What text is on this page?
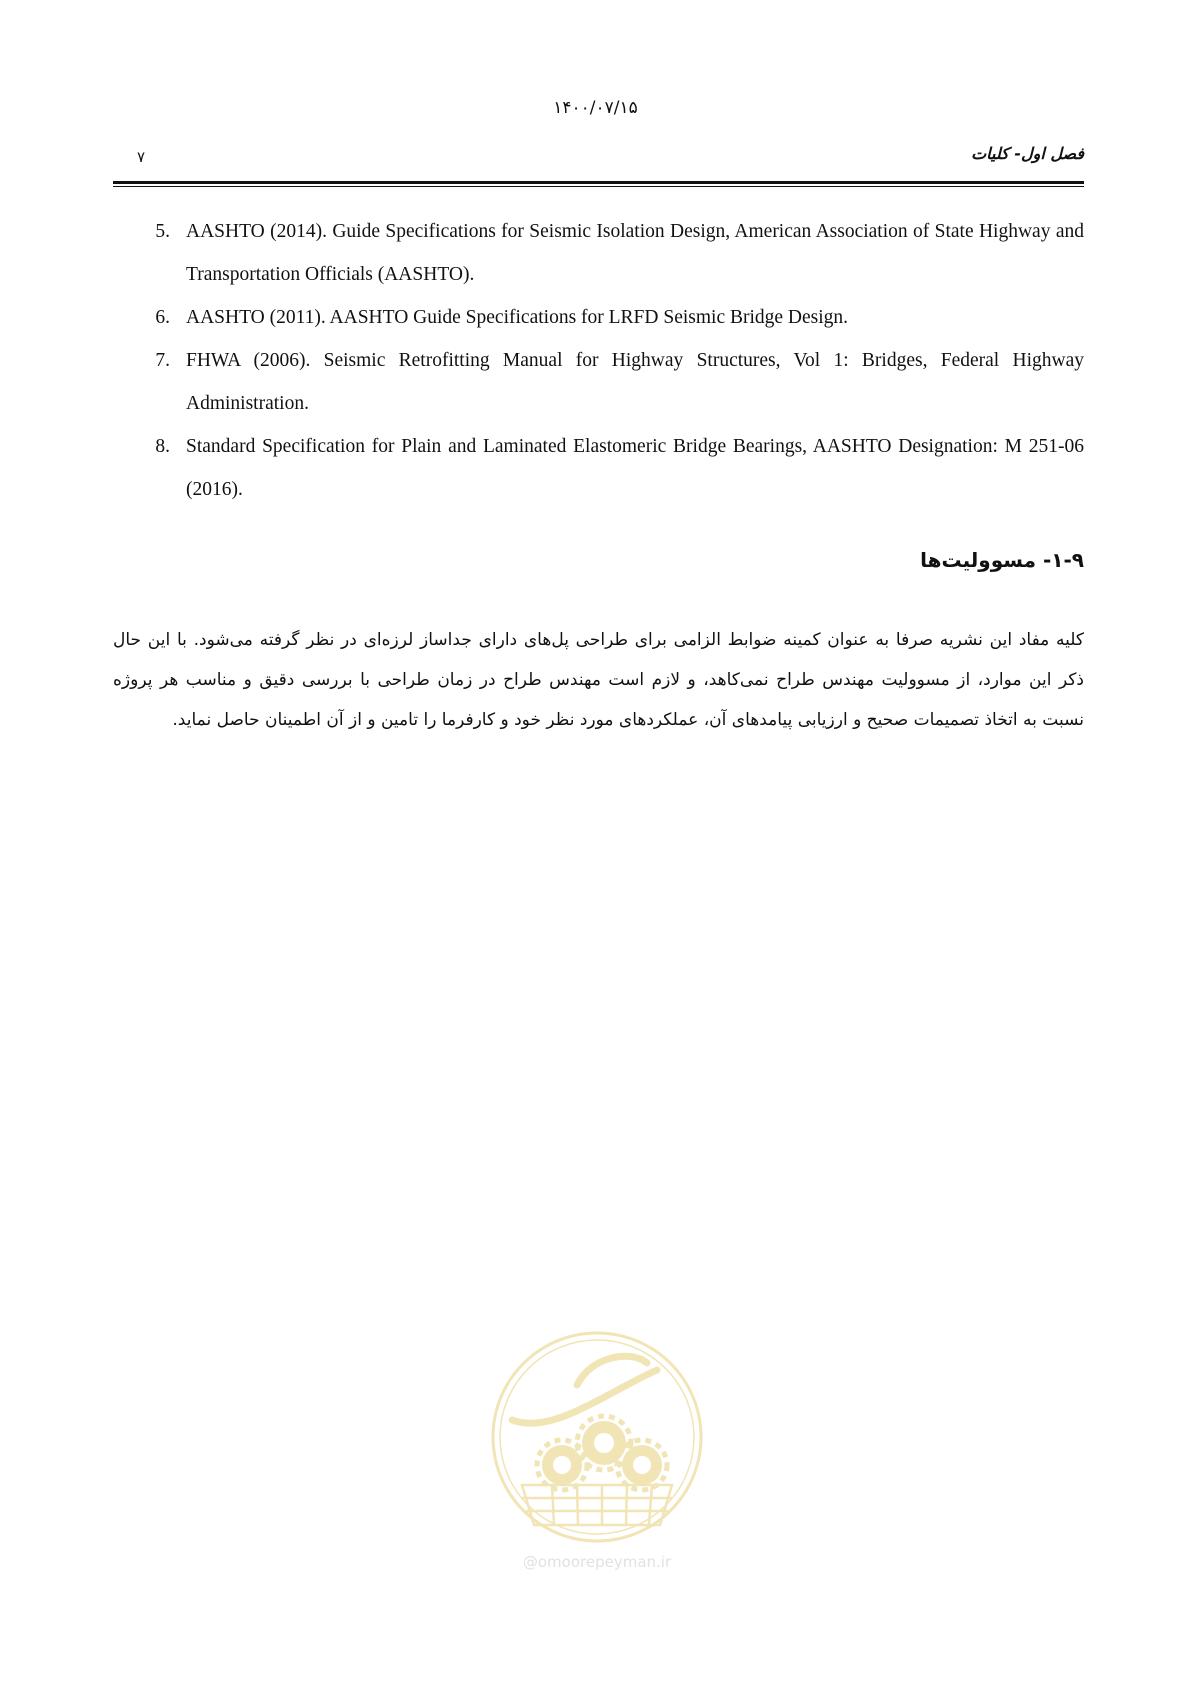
۱۴۰۰/۰۷/۱۵
۷	فصل اول- کلیات
5. AASHTO (2014). Guide Specifications for Seismic Isolation Design, American Association of State Highway and Transportation Officials (AASHTO).
6. AASHTO (2011). AASHTO Guide Specifications for LRFD Seismic Bridge Design.
7. FHWA (2006). Seismic Retrofitting Manual for Highway Structures, Vol 1: Bridges, Federal Highway Administration.
8. Standard Specification for Plain and Laminated Elastomeric Bridge Bearings, AASHTO Designation: M 251-06 (2016).
۱-۹- مسوولیت‌ها

کلیه مفاد این نشریه صرفا به عنوان کمینه ضوابط الزامی برای طراحی پل‌های دارای جداساز لرزه‌ای در نظر گرفته می‌شود. با این حال ذکر این موارد، از مسوولیت مهندس طراح نمی‌کاهد، و لازم است مهندس طراح در زمان طراحی با بررسی دقیق و مناسب هر پروژه نسبت به اتخاذ تصمیمات صحیح و ارزیابی پیامدهای آن، عملکردهای مورد نظر خود و کارفرما را تامین و از آن اطمینان حاصل نماید.

@omoorepeyman.ir
